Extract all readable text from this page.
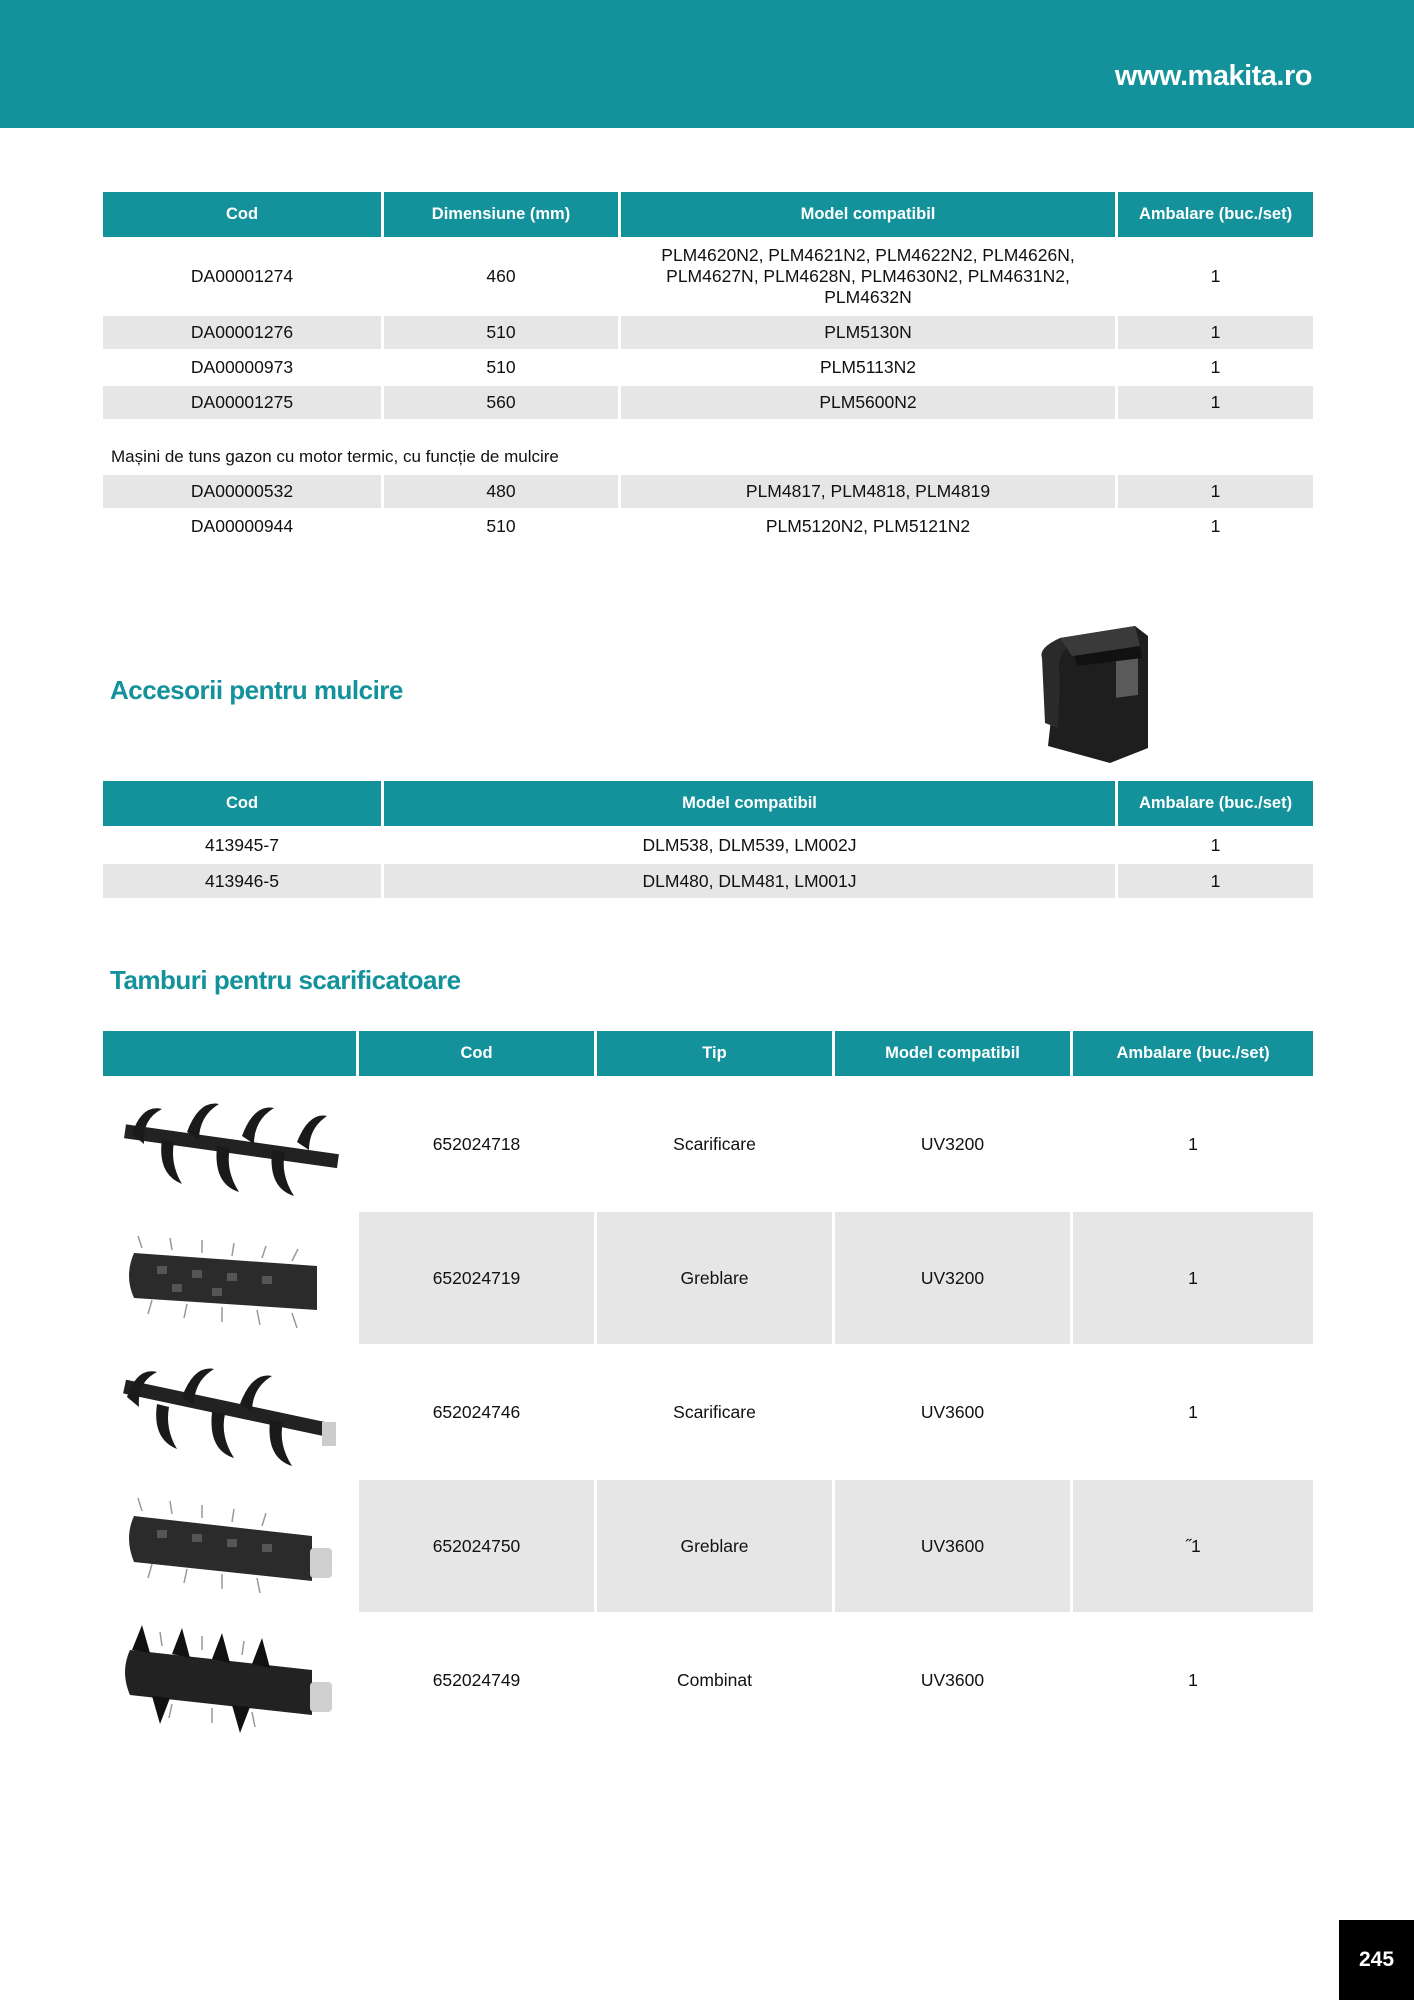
www.makita.ro
Cod	Dimensiune (mm)	Model compatibil	Ambalare (buc./set)
DA00001274	460	PLM4620N2, PLM4621N2, PLM4622N2, PLM4626N, PLM4627N, PLM4628N, PLM4630N2, PLM4631N2, PLM4632N	1
DA00001276	510	PLM5130N	1
DA00000973	510	PLM5113N2	1
DA00001275	560	PLM5600N2	1
Mașini de tuns gazon cu motor termic, cu funcție de mulcire			
DA00000532	480	PLM4817, PLM4818, PLM4819	1
DA00000944	510	PLM5120N2, PLM5121N2	1
Accesorii pentru mulcire
Cod	Model compatibil	Ambalare (buc./set)
413945-7	DLM538, DLM539, LM002J	1
413946-5	DLM480, DLM481, LM001J	1
Tamburi pentru scarificatoare
	Cod	Tip	Model compatibil	Ambalare (buc./set)

	652024718	Scarificare	UV3200	1

	652024719	Greblare	UV3200	1

	652024746	Scarificare	UV3600	1

	652024750	Greblare	UV3600	˝1

	652024749	Combinat	UV3600	1
245
